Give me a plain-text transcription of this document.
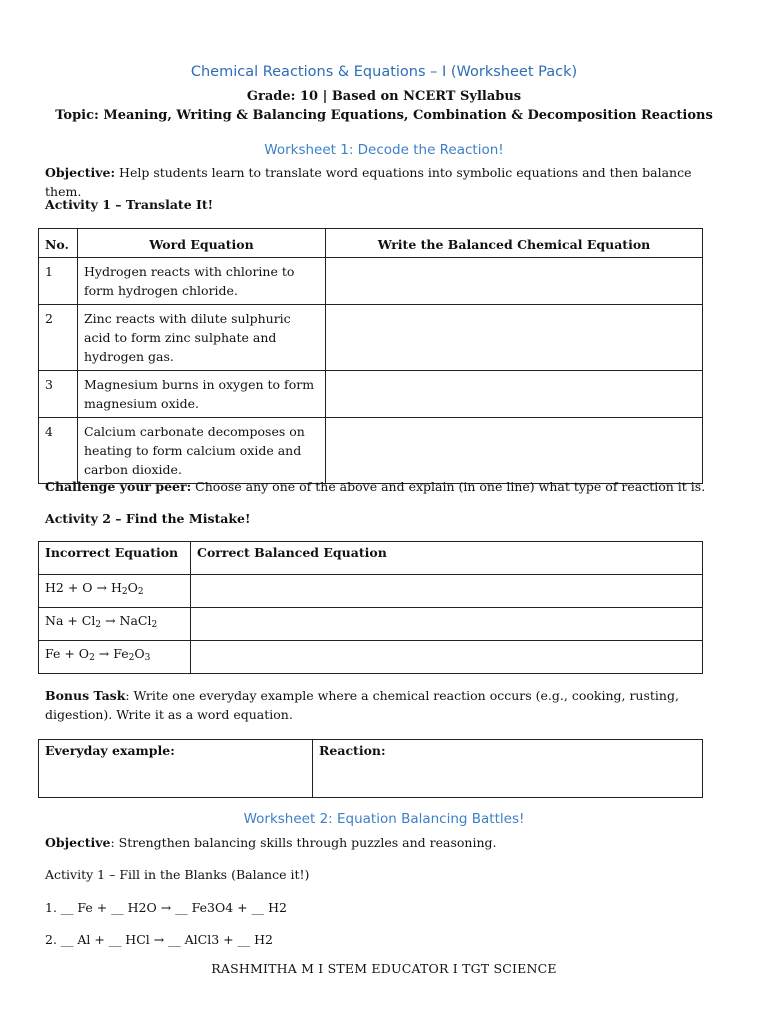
Chemical Reactions & Equations – I (Worksheet Pack)
Grade: 10 | Based on NCERT Syllabus
Topic: Meaning, Writing & Balancing Equations, Combination & Decomposition Reactions
Worksheet 1: Decode the Reaction!
Objective: Help students learn to translate word equations into symbolic equations and then balance them.
Activity 1 – Translate It!
No.	Word Equation	Write the Balanced Chemical Equation
1	Hydrogen reacts with chlorine to form hydrogen chloride.	
2	Zinc reacts with dilute sulphuric acid to form zinc sulphate and hydrogen gas.	
3	Magnesium burns in oxygen to form magnesium oxide.	
4	Calcium carbonate decomposes on heating to form calcium oxide and carbon dioxide.	
Challenge your peer: Choose any one of the above and explain (in one line) what type of reaction it is.
Activity 2 – Find the Mistake!
Incorrect Equation	Correct Balanced Equation
$H2 + O \to H_2O_2$	
$Na + Cl_2$ → NaCl$_2$	
$Fe + O_2 \to Fe_2O_3$	
Bonus Task: Write one everyday example where a chemical reaction occurs (e.g., cooking, rusting, digestion). Write it as a word equation.
Everyday example:	Reaction:
Worksheet 2: Equation Balancing Battles!
Objective: Strengthen balancing skills through puzzles and reasoning.
Activity 1 – Fill in the Blanks (Balance it!)
1. __ Fe + __ H2O → __ Fe3O4 + __ H2
2. __ Al + __ HCl → __ AlCl3 + __ H2
RASHMITHA M I STEM EDUCATOR I TGT SCIENCE
